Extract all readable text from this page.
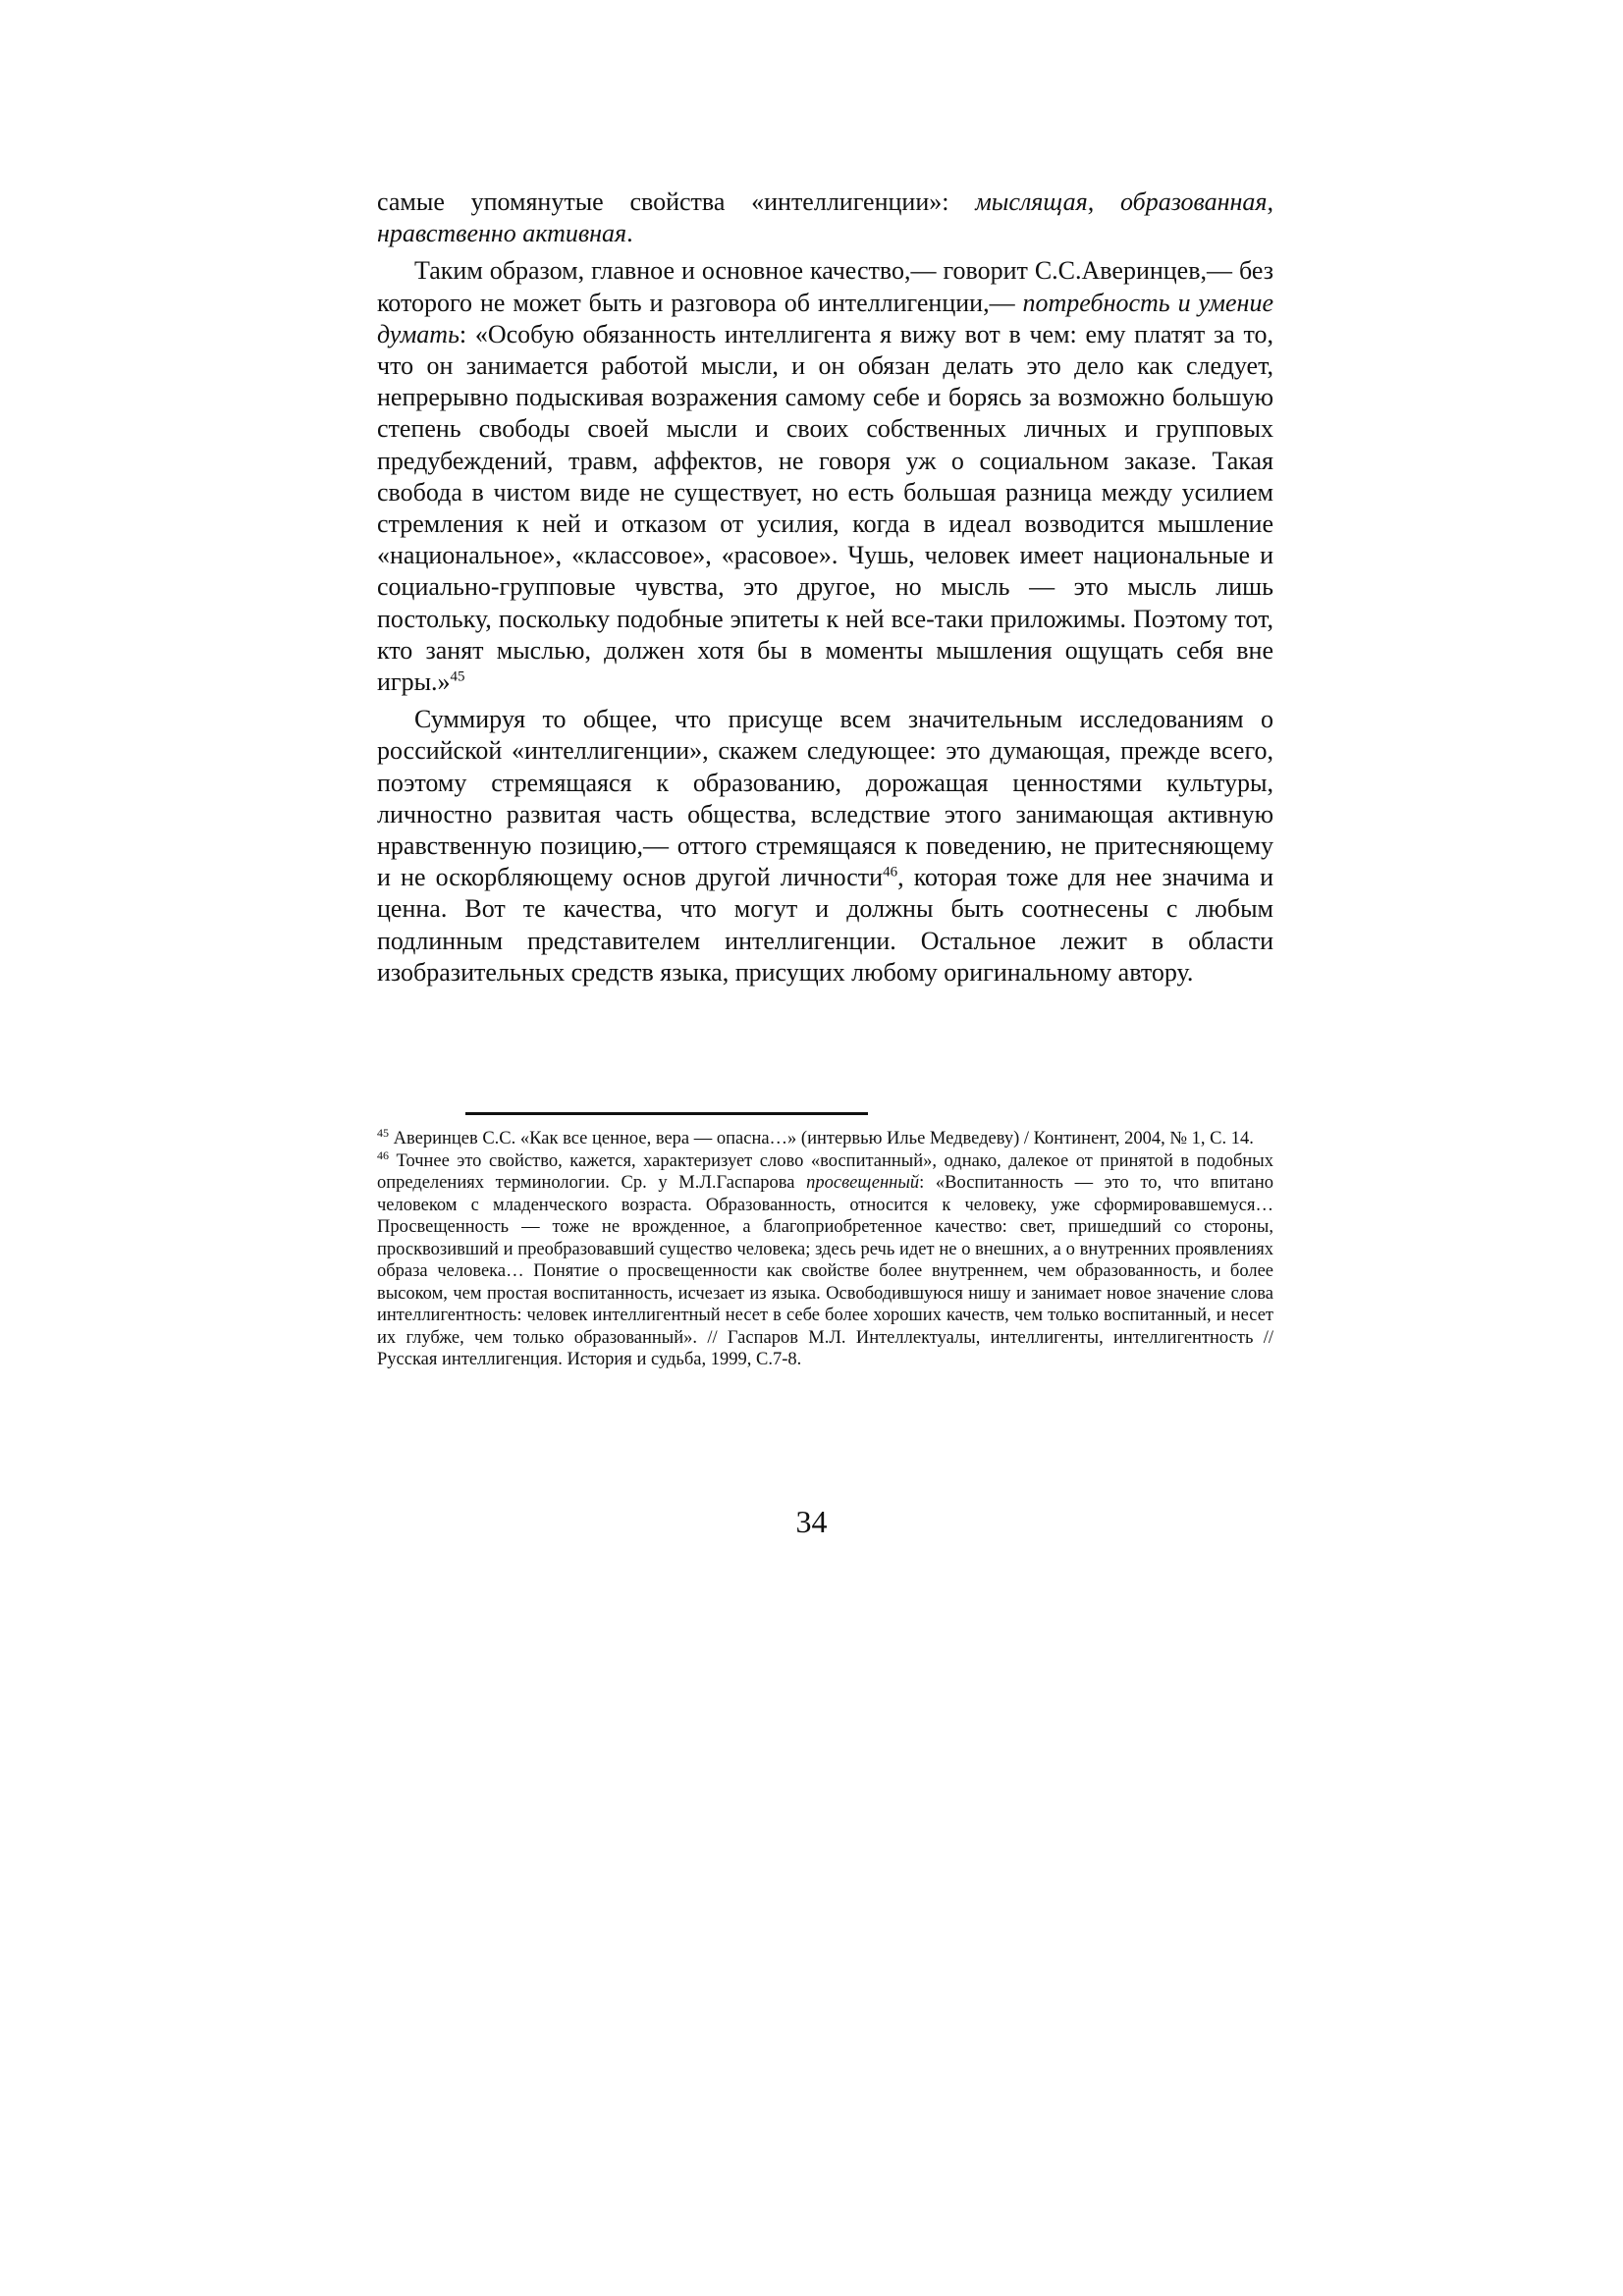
самые упомянутые свойства «интеллигенции»: мыслящая, образованная, нравственно активная.

Таким образом, главное и основное качество,— говорит С.С.Аверинцев,— без которого не может быть и разговора об интеллигенции,— потребность и умение думать: «Особую обязанность интеллигента я вижу вот в чем: ему платят за то, что он занимается работой мысли, и он обязан делать это дело как следует, непрерывно подыскивая возражения самому себе и борясь за возможно большую степень свободы своей мысли и своих собственных личных и групповых предубеждений, травм, аффектов, не говоря уж о социальном заказе. Такая свобода в чистом виде не существует, но есть большая разница между усилием стремления к ней и отказом от усилия, когда в идеал возводится мышление «национальное», «классовое», «расовое». Чушь, человек имеет национальные и социально-групповые чувства, это другое, но мысль — это мысль лишь постольку, поскольку подобные эпитеты к ней все-таки приложимы. Поэтому тот, кто занят мыслью, должен хотя бы в моменты мышления ощущать себя вне игры.»$^{45}$

Суммируя то общее, что присуще всем значительным исследованиям о российской «интеллигенции», скажем следующее: это думающая, прежде всего, поэтому стремящаяся к образованию, дорожащая ценностями культуры, личностно развитая часть общества, вследствие этого занимающая активную нравственную позицию,— оттого стремящаяся к поведению, не притесняющему и не оскорбляющему основ другой личности$^{46}$, которая тоже для нее значима и ценна. Вот те качества, что могут и должны быть соотнесены с любым подлинным представителем интеллигенции. Остальное лежит в области изобразительных средств языка, присущих любому оригинальному автору.

$^{45}$ Аверинцев С.С. «Как все ценное, вера — опасна…» (интервью Илье Медведеву) / Континент, 2004, № 1, С. 14.

$^{46}$ Точнее это свойство, кажется, характеризует слово «воспитанный», однако, далекое от принятой в подобных определениях терминологии. Ср. у М.Л.Гаспарова просвещенный: «Воспитанность — это то, что впитано человеком с младенческого возраста. Образованность, относится к человеку, уже сформировавшемуся…Просвещенность — тоже не врожденное, а благоприобретенное качество: свет, пришедший со стороны, просквозивший и преобразовавший существо человека; здесь речь идет не о внешних, а о внутренних проявлениях образа человека… Понятие о просвещенности как свойстве более внутреннем, чем образованность, и более высоком, чем простая воспитанность, исчезает из языка. Освободившуюся нишу и занимает новое значение слова интеллигентность: человек интеллигентный несет в себе более хороших качеств, чем только воспитанный, и несет их глубже, чем только образованный». // Гаспаров М.Л. Интеллектуалы, интеллигенты, интеллигентность // Русская интеллигенция. История и судьба, 1999, С.7-8.

34
